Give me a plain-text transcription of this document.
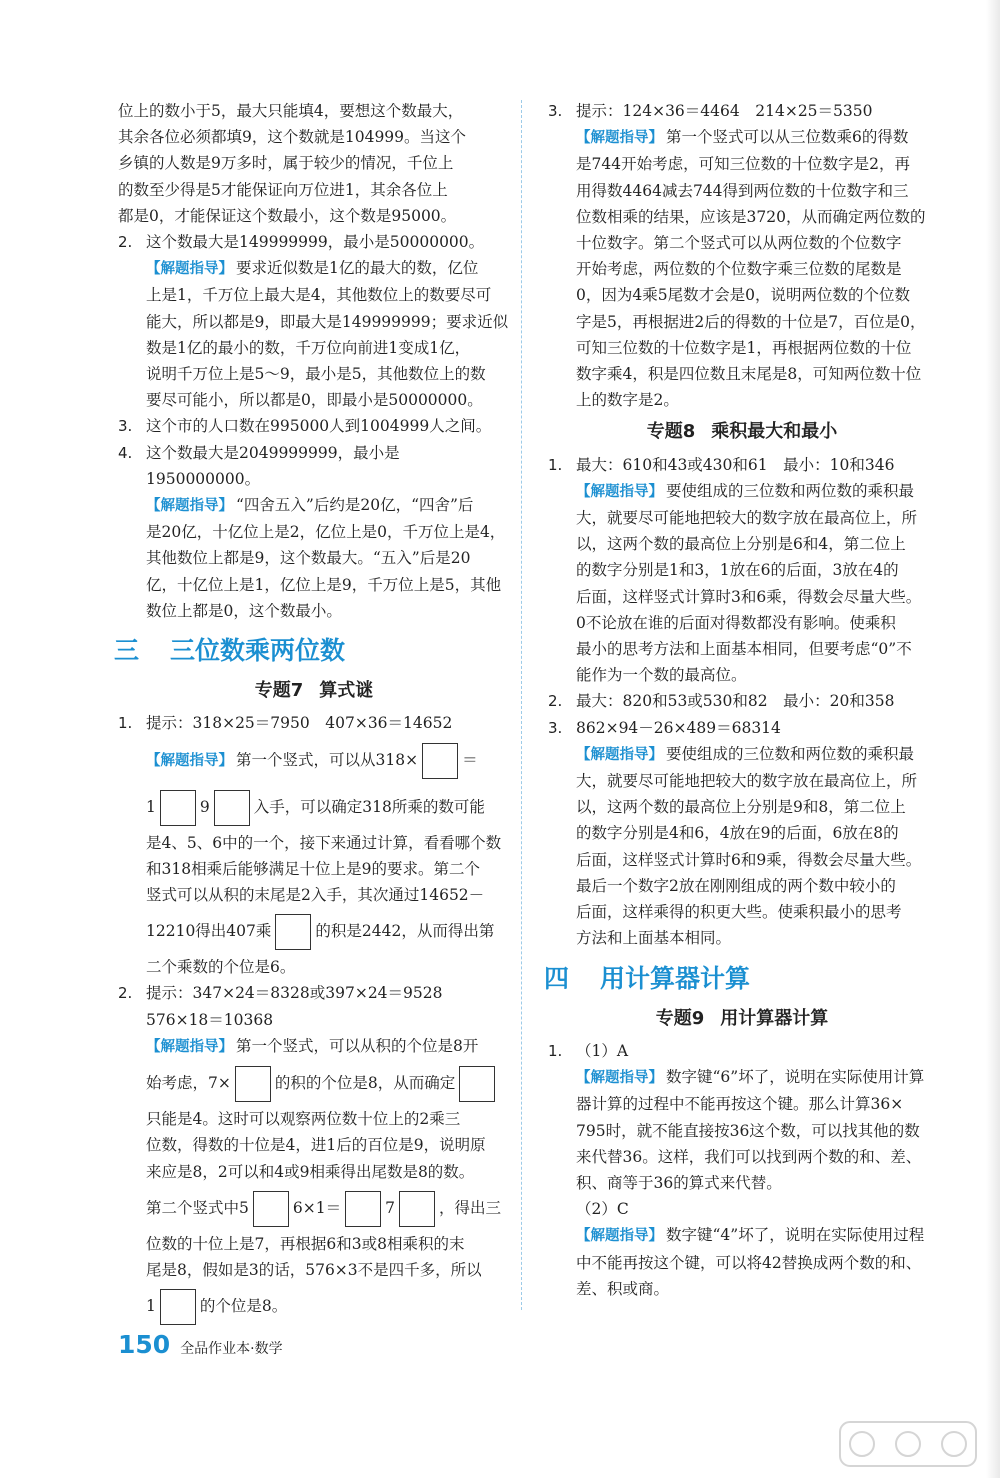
位上的数小于5，最大只能填4，要想这个数最大，

其余各位必须都填9，这个数就是104999。当这个

乡镇的人数是9万多时，属于较少的情况，千位上

的数至少得是5才能保证向万位进1，其余各位上

都是0，才能保证这个数最小，这个数是95000。

2. 这个数最大是149999999，最小是50000000。

【解题指导】 要求近似数是1亿的最大的数，亿位

上是1，千万位上最大是4，其他数位上的数要尽可

能大，所以都是9，即最大是149999999；要求近似

数是1亿的最小的数，千万位向前进1变成1亿，

说明千万位上是5～9，最小是5，其他数位上的数

要尽可能小，所以都是0，即最小是50000000。

3. 这个市的人口数在995000人到1004999人之间。

4. 这个数最大是2049999999，最小是1950000000。

【解题指导】 “四舍五入”后约是20亿，“四舍”后

是20亿，十亿位上是2，亿位上是0，千万位上是4，

其他数位上都是9，这个数最大。“五入”后是20

亿，十亿位上是1，亿位上是9，千万位上是5，其他

数位上都是0，这个数最小。

三	三位数乘两位数
专题7 算式谜
1. 提示：318×25＝7950　407×36＝14652

【解题指导】 第一个竖式，可以从318×	＝

1	9	入手，可以确定318所乘的数可能

是4、5、6中的一个，接下来通过计算，看看哪个数

和318相乘后能够满足十位上是9的要求。第二个

竖式可以从积的末尾是2入手，其次通过14652－

12210得出407乘	的积是2442，从而得出第

二个乘数的个位是6。

2. 提示：347×24＝8328或397×24＝9528

576×18＝10368

【解题指导】 第一个竖式，可以从积的个位是8开

始考虑，7×	的积的个位是8，从而确定

只能是4。这时可以观察两位数十位上的2乘三

位数，得数的十位是4，进1后的百位是9，说明原

来应是8，2可以和4或9相乘得出尾数是8的数。

第二个竖式中5	6×1＝	7	，得出三

位数的十位上是7，再根据6和3或8相乘积的末

尾是8，假如是3的话，576×3不是四千多，所以

1	的个位是8。

3. 提示：124×36＝4464　214×25＝5350

【解题指导】 第一个竖式可以从三位数乘6的得数

是744开始考虑，可知三位数的十位数字是2，再

用得数4464减去744得到两位数的十位数字和三

位数相乘的结果，应该是3720，从而确定两位数的

十位数字。第二个竖式可以从两位数的个位数字

开始考虑，两位数的个位数字乘三位数的尾数是

0，因为4乘5尾数才会是0，说明两位数的个位数

字是5，再根据进2后的得数的十位是7，百位是0，

可知三位数的十位数字是1，再根据两位数的十位

数字乘4，积是四位数且末尾是8，可知两位数十位

上的数字是2。

专题8 乘积最大和最小
1. 最大：610和43或430和61　最小：10和346

【解题指导】 要使组成的三位数和两位数的乘积最

大，就要尽可能地把较大的数字放在最高位上，所

以，这两个数的最高位上分别是6和4，第二位上

的数字分别是1和3，1放在6的后面，3放在4的

后面，这样竖式计算时3和6乘，得数会尽量大些。

0不论放在谁的后面对得数都没有影响。使乘积

最小的思考方法和上面基本相同，但要考虑“0”不

能作为一个数的最高位。

2. 最大：820和53或530和82　最小：20和358

3. 862×94－26×489＝68314

【解题指导】 要使组成的三位数和两位数的乘积最

大，就要尽可能地把较大的数字放在最高位上，所

以，这两个数的最高位上分别是9和8，第二位上

的数字分别是4和6，4放在9的后面，6放在8的

后面，这样竖式计算时6和9乘，得数会尽量大些。

最后一个数字2放在刚刚组成的两个数中较小的

后面，这样乘得的积更大些。使乘积最小的思考

方法和上面基本相同。

四	用计算器计算
专题9 用计算器计算
1. （1）A

【解题指导】 数字键“6”坏了，说明在实际使用计算

器计算的过程中不能再按这个键。那么计算36×

795时，就不能直接按36这个数，可以找其他的数

来代替36。这样，我们可以找到两个数的和、差、

积、商等于36的算式来代替。

（2）C

【解题指导】 数字键“4”坏了，说明在实际使用过程

中不能再按这个键，可以将42替换成两个数的和、

差、积或商。

150 全品作业本·数学
